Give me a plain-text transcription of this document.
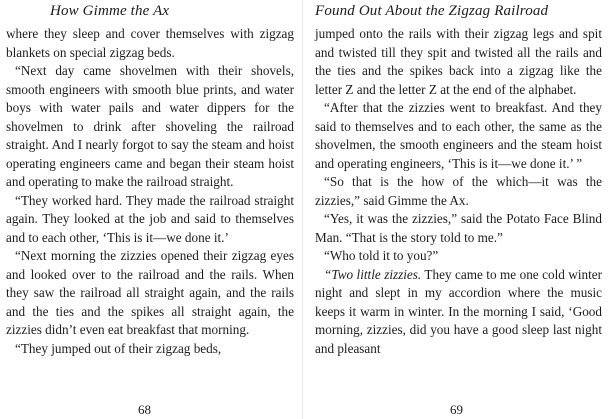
How Gimme the Ax

where they sleep and cover themselves with zigzag blankets on special zigzag beds.

“Next day came shovelmen with their shovels, smooth engineers with smooth blue prints, and water boys with water pails and water dippers for the shovelmen to drink after shoveling the railroad straight. And I nearly forgot to say the steam and hoist operating engineers came and began their steam hoist and operating to make the railroad straight.

“They worked hard. They made the railroad straight again. They looked at the job and said to themselves and to each other, ‘This is it—we done it.’

“Next morning the zizzies opened their zigzag eyes and looked over to the railroad and the rails. When they saw the railroad all straight again, and the rails and the ties and the spikes all straight again, the zizzies didn’t even eat breakfast that morning.

“They jumped out of their zigzag beds,

68
Found Out About the Zigzag Railroad

jumped onto the rails with their zigzag legs and spit and twisted till they spit and twisted all the rails and the ties and the spikes back into a zigzag like the letter Z and the letter Z at the end of the alphabet.

“After that the zizzies went to breakfast. And they said to themselves and to each other, the same as the shovelmen, the smooth engineers and the steam hoist and operating engineers, ‘This is it—we done it.’ ”

“So that is the how of the which—it was the zizzies,” said Gimme the Ax.

“Yes, it was the zizzies,” said the Potato Face Blind Man. “That is the story told to me.”

“Who told it to you?”

“Two little zizzies. They came to me one cold winter night and slept in my accordion where the music keeps it warm in winter. In the morning I said, ‘Good morning, zizzies, did you have a good sleep last night and pleasant

69
